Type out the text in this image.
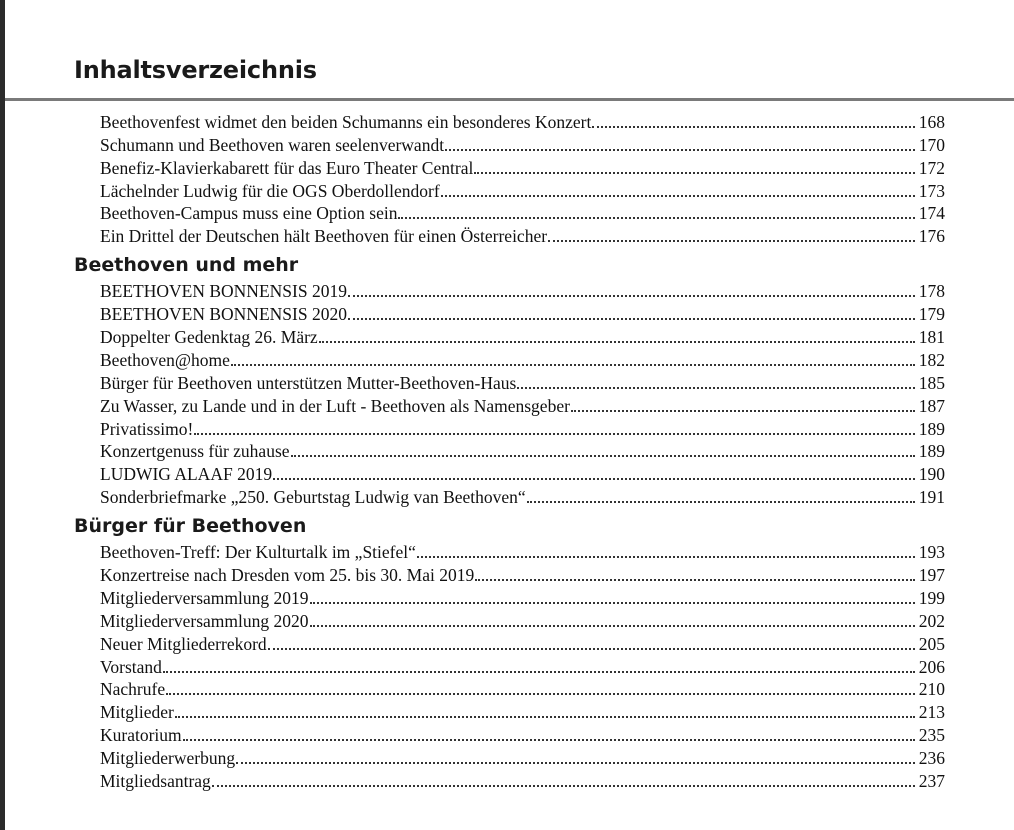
Inhaltsverzeichnis
Beethovenfest widmet den beiden Schumanns ein besonderes Konzert	168
Schumann und Beethoven waren seelenverwandt	170
Benefiz-Klavierkabarett für das Euro Theater Central	172
Lächelnder Ludwig für die OGS Oberdollendorf	173
Beethoven-Campus muss eine Option sein	174
Ein Drittel der Deutschen hält Beethoven für einen Österreicher	176
Beethoven und mehr
BEETHOVEN BONNENSIS 2019	178
BEETHOVEN BONNENSIS 2020	179
Doppelter Gedenktag 26. März	181
Beethoven@home	182
Bürger für Beethoven unterstützen Mutter-Beethoven-Haus	185
Zu Wasser, zu Lande und in der Luft - Beethoven als Namensgeber	187
Privatissimo!	189
Konzertgenuss für zuhause	189
LUDWIG ALAAF 2019	190
Sonderbriefmarke „250. Geburtstag Ludwig van Beethoven“	191
Bürger für Beethoven
Beethoven-Treff: Der Kulturtalk im „Stiefel“	193
Konzertreise nach Dresden vom 25. bis 30. Mai 2019	197
Mitgliederversammlung 2019	199
Mitgliederversammlung 2020	202
Neuer Mitgliederrekord	205
Vorstand	206
Nachrufe	210
Mitglieder	213
Kuratorium	235
Mitgliederwerbung	236
Mitgliedsantrag	237
